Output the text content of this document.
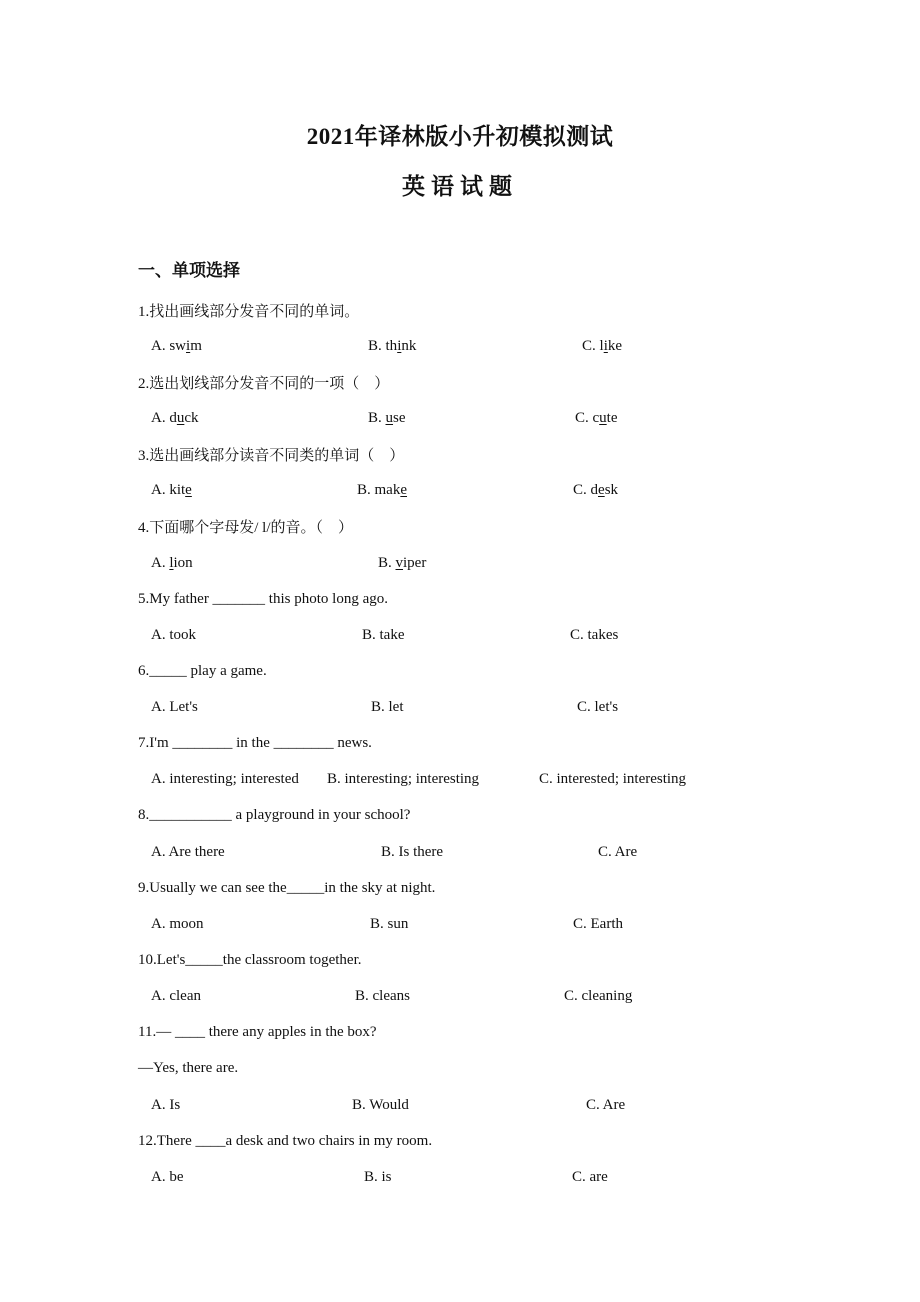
2021年译林版小升初模拟测试
英语试题
一、单项选择
1.找出画线部分发音不同的单词。
A. swim	B. think	C. like
2.选出划线部分发音不同的一项（　）
A. duck	B. use	C. cute
3.选出画线部分读音不同类的单词（　）
A. kite	B. make	C. desk
4.下面哪个字母发/ l/的音。（　）
A. lion	B. viper
5.My father _______ this photo long ago.
A. took	B. take	C. takes
6._____ play a game.
A. Let's	B. let	C. let's
7.I'm ________ in the ________ news.
A. interesting; interested B. interesting; interesting	C. interested; interesting
8.___________ a playground in your school?
A. Are there	B. Is there	C. Are
9.Usually we can see the_____in the sky at night.
A. moon	B. sun	C. Earth
10.Let's_____the classroom together.
A. clean	B. cleans	C. cleaning
11.— ____ there any apples in the box?
—Yes, there are.
A. Is	B. Would	C. Are
12.There ____a desk and two chairs in my room.
A. be	B. is	C. are
